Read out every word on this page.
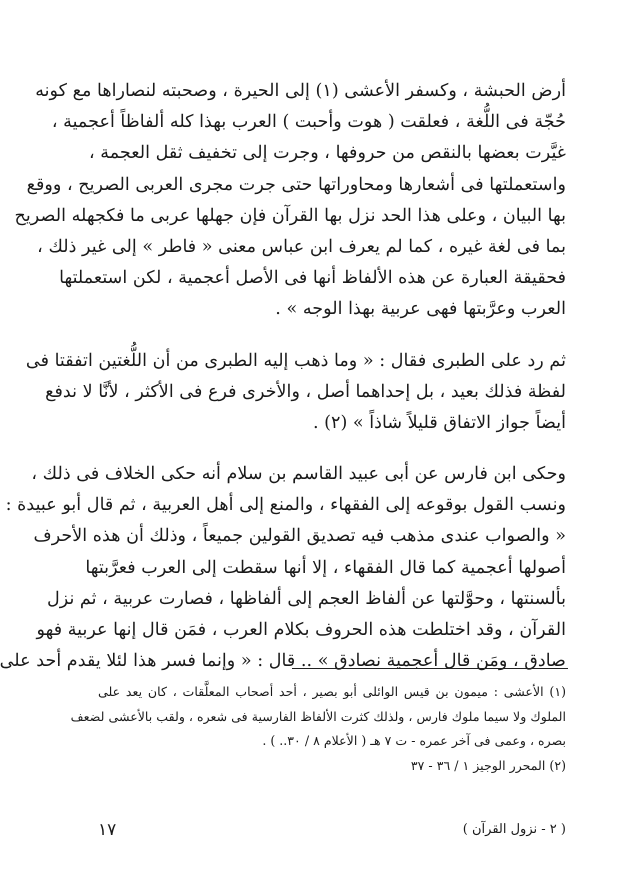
أرض الحبشة ، وكسفر الأعشى (١) إلى الحيرة ، وصحبته لنصاراها مع كونه
حُجّة فى اللُّغة ، فعلقت ( هوت وأحبت ) العرب بهذا كله ألفاظاً أعجمية ،
غيَّرت بعضها بالنقص من حروفها ، وجرت إلى تخفيف ثقل العجمة ،
واستعملتها فى أشعارها ومحاوراتها حتى جرت مجرى العربى الصريح ، ووقع
بها البيان ، وعلى هذا الحد نزل بها القرآن فإن جهلها عربى ما فكجهله الصريح
بما فى لغة غيره ، كما لم يعرف ابن عباس معنى « فاطر » إلى غير ذلك ،
فحقيقة العبارة عن هذه الألفاظ أنها فى الأصل أعجمية ، لكن استعملتها
العرب وعرَّبتها فهى عربية بهذا الوجه » .
ثم رد على الطبرى فقال : « وما ذهب إليه الطبرى من أن اللُّغتين اتفقتا فى
لفظة فذلك بعيد ، بل إحداهما أصل ، والأخرى فرع فى الأكثر ، لأنَّا لا ندفع
أيضاً جواز الاتفاق قليلاً شاذاً » (٢) .
وحكى ابن فارس عن أبى عبيد القاسم بن سلام أنه حكى الخلاف فى ذلك ،
ونسب القول بوقوعه إلى الفقهاء ، والمنع إلى أهل العربية ، ثم قال أبو عبيدة :
« والصواب عندى مذهب فيه تصديق القولين جميعاً ، وذلك أن هذه الأحرف
أصولها أعجمية كما قال الفقهاء ، إلا أنها سقطت إلى العرب فعرَّبتها
بألسنتها ، وحوَّلتها عن ألفاظ العجم إلى ألفاظها ، فصارت عربية ، ثم نزل
القرآن ، وقد اختلطت هذه الحروف بكلام العرب ، فمَن قال إنها عربية فهو
صادق ، ومَن قال أعجمية نصادق » .. قال : « وإنما فسر هذا لئلا يقدم أحد على
(١) الأعشى : ميمون بن قيس الوائلى أبو بصير ، أحد أصحاب المعلَّقات ، كان يعد على
الملوك ولا سيما ملوك فارس ، ولذلك كثرت الألفاظ الفارسية فى شعره ، ولقب بالأعشى لضعف
بصره ، وعمى فى آخر عمره - ت ٧ هـ ( الأعلام ٨ / ٣٠.. ) .
(٢) المحرر الوجيز ١ / ٣٦ - ٣٧
( ٢ - نزول القرآن )
١٧
